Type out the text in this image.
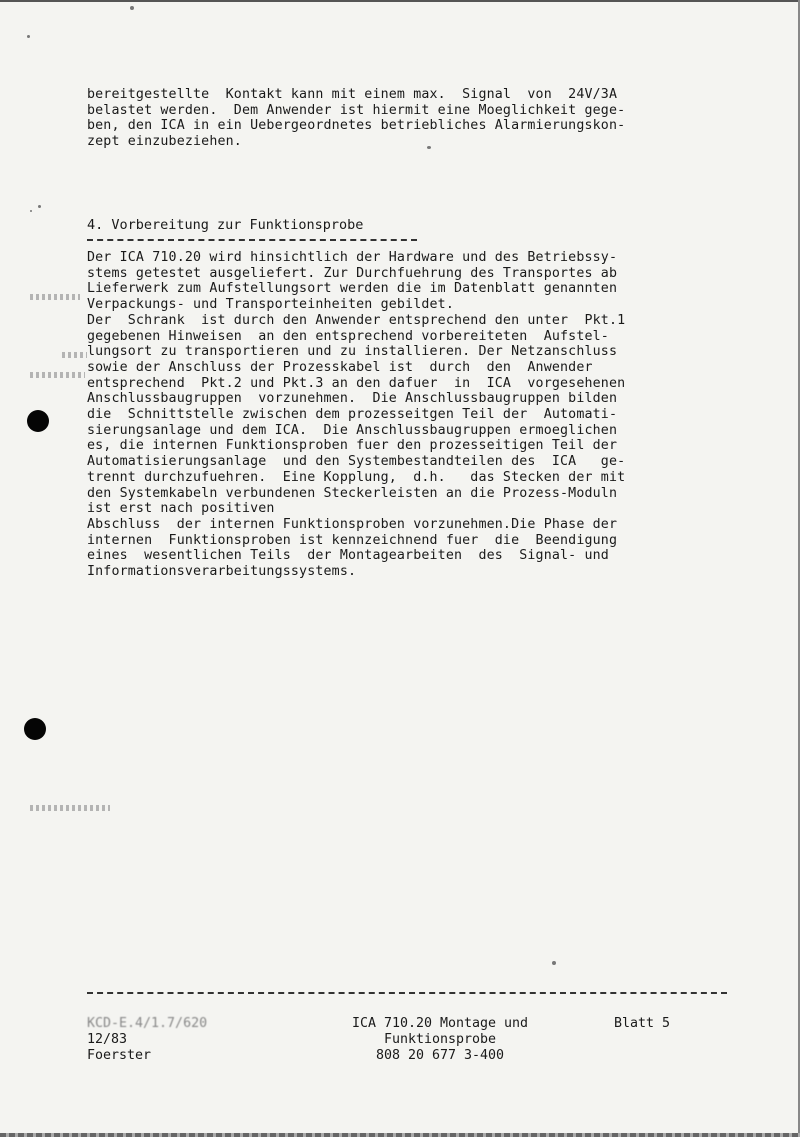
bereitgestellte  Kontakt kann mit einem max.  Signal  von  24V/3A
belastet werden.  Dem Anwender ist hiermit eine Moeglichkeit gege-
ben, den ICA in ein Uebergeordnetes betriebliches Alarmierungskon-
zept einzubeziehen.
4. Vorbereitung zur Funktionsprobe
Der ICA 710.20 wird hinsichtlich der Hardware und des Betriebssy-
stems getestet ausgeliefert. Zur Durchfuehrung des Transportes ab
Lieferwerk zum Aufstellungsort werden die im Datenblatt genannten
Verpackungs- und Transporteinheiten gebildet.
Der  Schrank  ist durch den Anwender entsprechend den unter  Pkt.1
gegebenen Hinweisen  an den entsprechend vorbereiteten  Aufstel-
lungsort zu transportieren und zu installieren. Der Netzanschluss
sowie der Anschluss der Prozesskabel ist  durch  den  Anwender
entsprechend  Pkt.2 und Pkt.3 an den dafuer  in  ICA  vorgesehenen
Anschlussbaugruppen  vorzunehmen.  Die Anschlussbaugruppen bilden
die  Schnittstelle zwischen dem prozesseitgen Teil der  Automati-
sierungsanlage und dem ICA.  Die Anschlussbaugruppen ermoeglichen
es, die internen Funktionsproben fuer den prozesseitigen Teil der
Automatisierungsanlage  und den Systembestandteilen des  ICA   ge-
trennt durchzufuehren.  Eine Kopplung,  d.h.   das Stecken der mit
den Systemkabeln verbundenen Steckerleisten an die Prozess-Moduln
ist erst nach positiven
Abschluss  der internen Funktionsproben vorzunehmen.Die Phase der
internen  Funktionsproben ist kennzeichnend fuer  die  Beendigung
eines  wesentlichen Teils  der Montagearbeiten  des  Signal- und
Informationsverarbeitungssystems.
KCD-E.4/1.7/620
12/83
Foerster
ICA 710.20 Montage und
Funktionsprobe
808 20 677 3-400
Blatt 5
